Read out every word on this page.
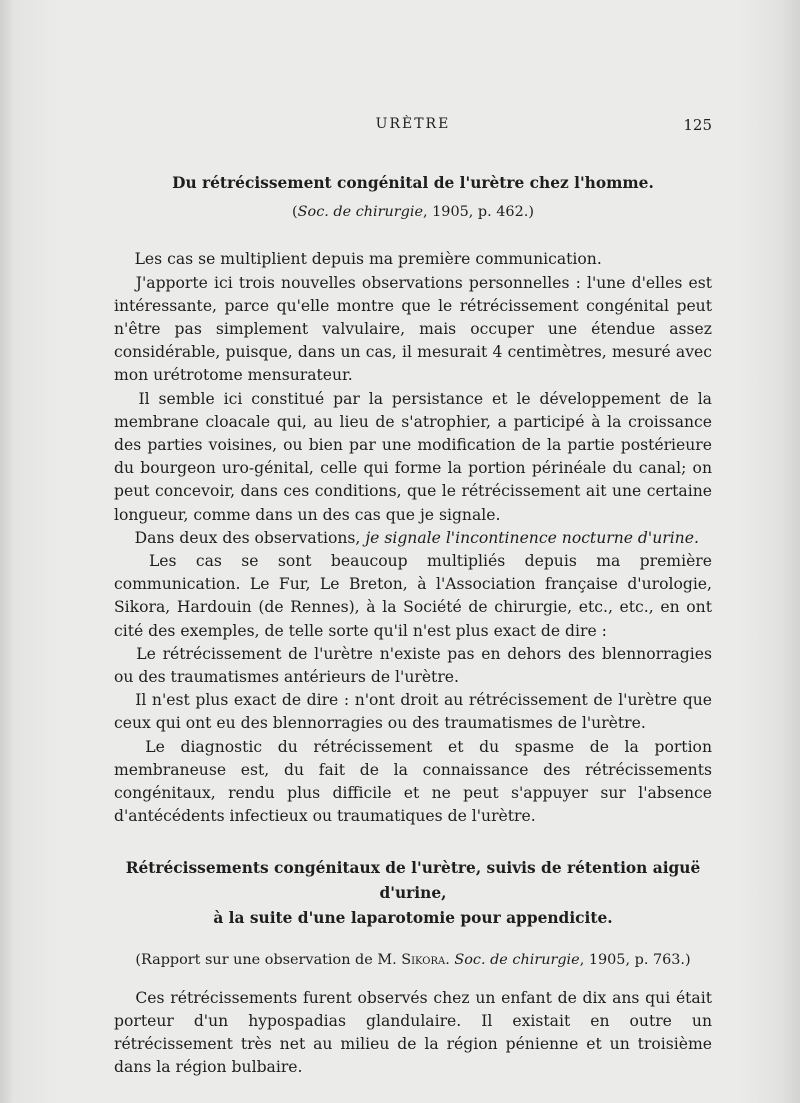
URÈTRE	125
Du rétrécissement congénital de l'urètre chez l'homme.
(Soc. de chirurgie, 1905, p. 462.)

  Les cas se multiplient depuis ma première communication.

  J'apporte ici trois nouvelles observations personnelles : l'une d'elles est intéressante, parce qu'elle montre que le rétrécissement congénital peut n'être pas simplement valvulaire, mais occuper une étendue assez considérable, puisque, dans un cas, il mesurait 4 centimètres, mesuré avec mon urétrotome mensurateur.

  Il semble ici constitué par la persistance et le développement de la membrane cloacale qui, au lieu de s'atrophier, a participé à la croissance des parties voisines, ou bien par une modification de la partie postérieure du bourgeon uro-génital, celle qui forme la portion périnéale du canal; on peut concevoir, dans ces conditions, que le rétrécissement ait une certaine longueur, comme dans un des cas que je signale.

  Dans deux des observations, je signale l'incontinence nocturne d'urine.

  Les cas se sont beaucoup multipliés depuis ma première communication. Le Fur, Le Breton, à l'Association française d'urologie, Sikora, Hardouin (de Rennes), à la Société de chirurgie, etc., etc., en ont cité des exemples, de telle sorte qu'il n'est plus exact de dire :

  Le rétrécissement de l'urètre n'existe pas en dehors des blennorragies ou des traumatismes antérieurs de l'urètre.

  Il n'est plus exact de dire : n'ont droit au rétrécissement de l'urètre que ceux qui ont eu des blennorragies ou des traumatismes de l'urètre.

  Le diagnostic du rétrécissement et du spasme de la portion membraneuse est, du fait de la connaissance des rétrécissements congénitaux, rendu plus difficile et ne peut s'appuyer sur l'absence d'antécédents infectieux ou traumatiques de l'urètre.

Rétrécissements congénitaux de l'urètre, suivis de rétention aiguë d'urine,
à la suite d'une laparotomie pour appendicite.
(Rapport sur une observation de M. Sikora. Soc. de chirurgie, 1905, p. 763.)

  Ces rétrécissements furent observés chez un enfant de dix ans qui était porteur d'un hypospadias glandulaire. Il existait en outre un rétrécissement très net au milieu de la région pénienne et un troisième dans la région bulbaire.
